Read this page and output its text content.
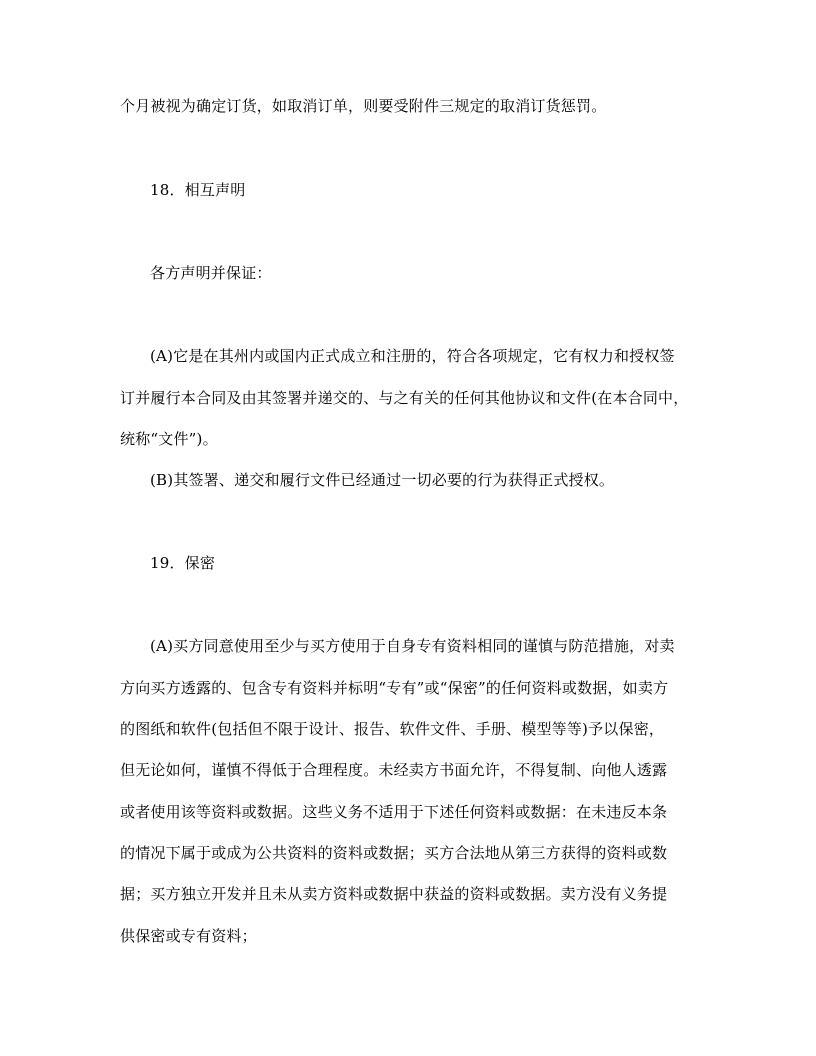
个月被视为确定订货，如取消订单，则要受附件三规定的取消订货惩罚。
18．相互声明
各方声明并保证：
(A)它是在其州内或国内正式成立和注册的，符合各项规定，它有权力和授权签
订并履行本合同及由其签署并递交的、与之有关的任何其他协议和文件(在本合同中，
统称“文件”)。
(B)其签署、递交和履行文件已经通过一切必要的行为获得正式授权。
19．保密
(A)买方同意使用至少与买方使用于自身专有资料相同的谨慎与防范措施，对卖
方向买方透露的、包含专有资料并标明“专有”或“保密”的任何资料或数据，如卖方
的图纸和软件(包括但不限于设计、报告、软件文件、手册、模型等等)予以保密，
但无论如何，谨慎不得低于合理程度。未经卖方书面允许，不得复制、向他人透露
或者使用该等资料或数据。这些义务不适用于下述任何资料或数据：在未违反本条
的情况下属于或成为公共资料的资料或数据；买方合法地从第三方获得的资料或数
据；买方独立开发并且未从卖方资料或数据中获益的资料或数据。卖方没有义务提
供保密或专有资料；
